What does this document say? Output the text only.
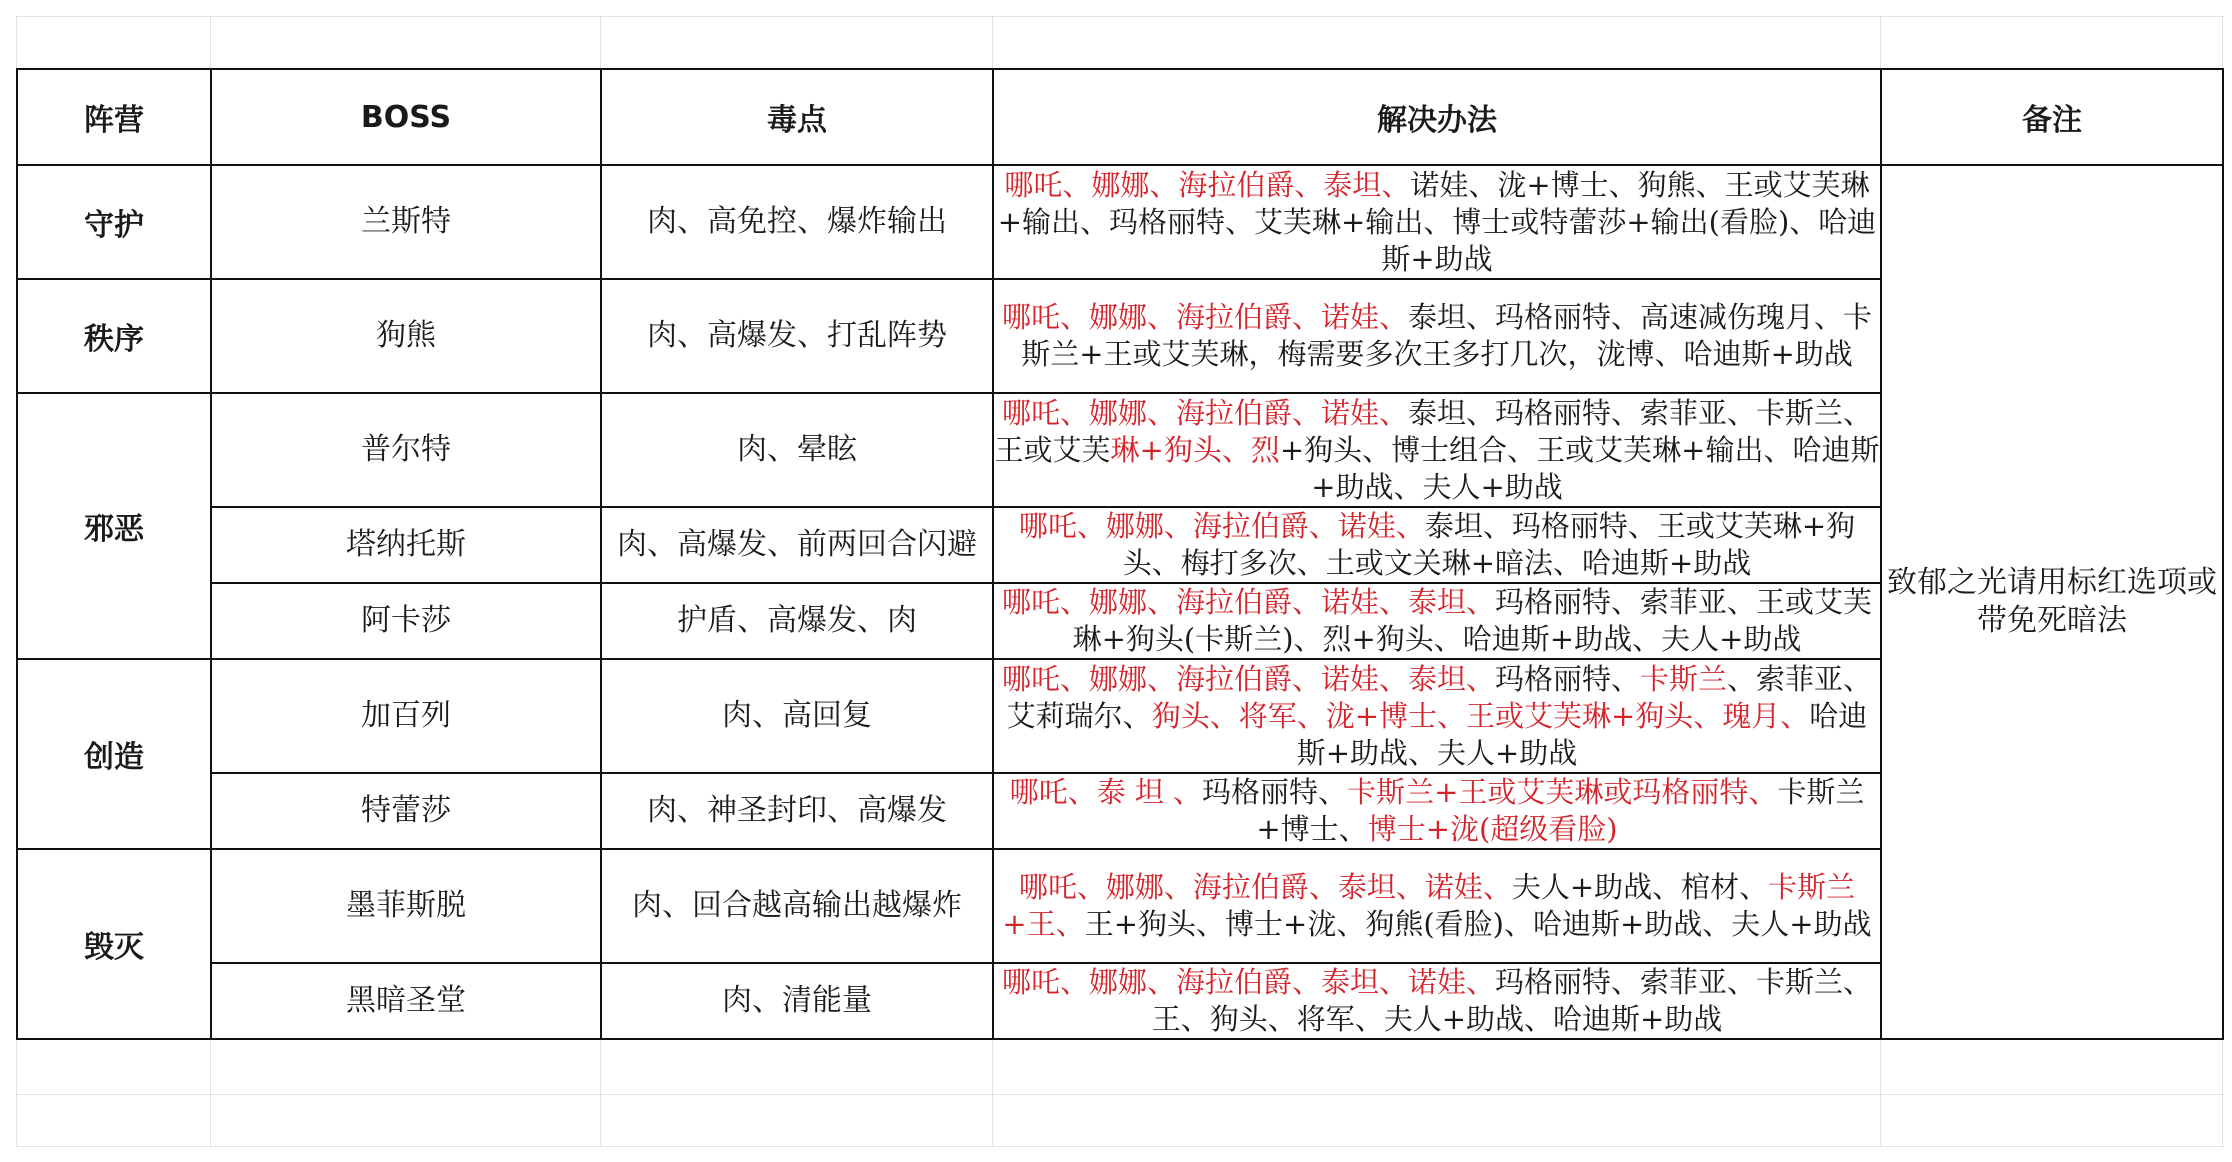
阵营	BOSS	毒点	解决办法	备注
守护	兰斯特	肉、高免控、爆炸输出	哪吒、娜娜、海拉伯爵、泰坦、诺娃、泷+博士、狗熊、王或艾芙琳+输出、玛格丽特、艾芙琳+输出、博士或特蕾莎+输出(看脸)、哈迪斯+助战	致郁之光请用标红选项或带免死暗法
秩序	狗熊	肉、高爆发、打乱阵势	哪吒、娜娜、海拉伯爵、诺娃、泰坦、玛格丽特、高速减伤瑰月、卡斯兰+王或艾芙琳，梅需要多次王多打几次，泷博、哈迪斯+助战	
邪恶	普尔特	肉、晕眩	哪吒、娜娜、海拉伯爵、诺娃、泰坦、玛格丽特、索菲亚、卡斯兰、王或艾芙琳+狗头、烈+狗头、博士组合、王或艾芙琳+输出、哈迪斯+助战、夫人+助战	
	塔纳托斯	肉、高爆发、前两回合闪避	哪吒、娜娜、海拉伯爵、诺娃、泰坦、玛格丽特、王或艾芙琳+狗头、梅打多次、土或文关琳+暗法、哈迪斯+助战	
	阿卡莎	护盾、高爆发、肉	哪吒、娜娜、海拉伯爵、诺娃、泰坦、玛格丽特、索菲亚、王或艾芙琳+狗头(卡斯兰)、烈+狗头、哈迪斯+助战、夫人+助战	
创造	加百列	肉、高回复	哪吒、娜娜、海拉伯爵、诺娃、泰坦、玛格丽特、卡斯兰、索菲亚、艾莉瑞尔、狗头、将军、泷+博士、王或艾芙琳+狗头、瑰月、哈迪斯+助战、夫人+助战	
	特蕾莎	肉、神圣封印、高爆发	哪吒、泰 坦 、玛格丽特、卡斯兰+王或艾芙琳或玛格丽特、卡斯兰+博士、博士+泷(超级看脸)	
毁灭	墨菲斯脱	肉、回合越高输出越爆炸	哪吒、娜娜、海拉伯爵、泰坦、诺娃、夫人+助战、棺材、卡斯兰+王、王+狗头、博士+泷、狗熊(看脸)、哈迪斯+助战、夫人+助战	
	黑暗圣堂	肉、清能量	哪吒、娜娜、海拉伯爵、泰坦、诺娃、玛格丽特、索菲亚、卡斯兰、王、狗头、将军、夫人+助战、哈迪斯+助战	
